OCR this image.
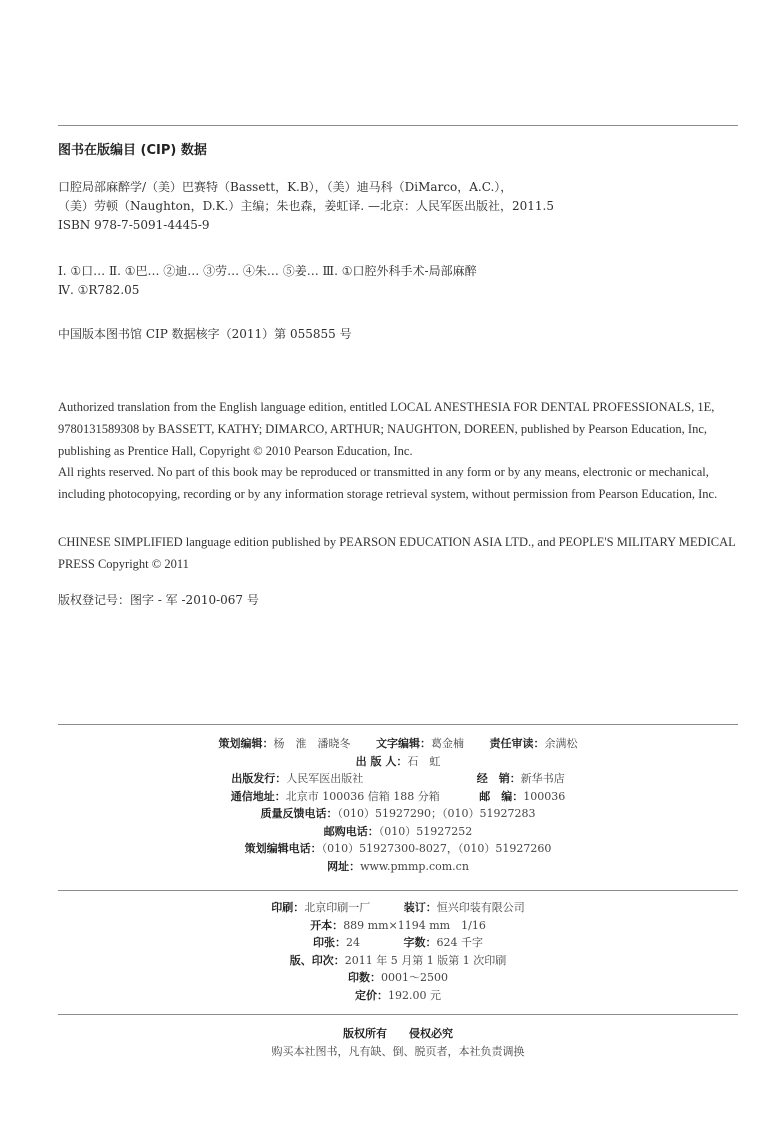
图书在版编目 (CIP) 数据
口腔局部麻醉学/（美）巴赛特（Bassett，K.B），（美）迪马科（DiMarco，A.C.），
（美）劳顿（Naughton，D.K.）主编；朱也森，姜虹译. —北京：人民军医出版社，2011.5
ISBN 978-7-5091-4445-9
Ⅰ. ①口… Ⅱ. ①巴… ②迪… ③劳… ④朱… ⑤姜… Ⅲ. ①口腔外科手术-局部麻醉
Ⅳ. ①R782.05
中国版本图书馆 CIP 数据核字（2011）第 055855 号
Authorized translation from the English language edition, entitled LOCAL ANESTHESIA FOR DENTAL PROFESSIONALS, 1E, 9780131589308 by BASSETT, KATHY; DIMARCO, ARTHUR; NAUGHTON, DOREEN, published by Pearson Education, Inc, publishing as Prentice Hall, Copyright © 2010 Pearson Education, Inc.
All rights reserved. No part of this book may be reproduced or transmitted in any form or by any means, electronic or mechanical, including photocopying, recording or by any information storage retrieval system, without permission from Pearson Education, Inc.
CHINESE SIMPLIFIED language edition published by PEARSON EDUCATION ASIA LTD., and PEOPLE'S MILITARY MEDICAL PRESS Copyright © 2011
版权登记号：图字 - 军 -2010-067 号
策划编辑：杨　淮　潘晓冬 文字编辑：葛金楠 责任审读：余满松
出 版 人：石　虹
出版发行：人民军医出版社	经　销：新华书店
通信地址：北京市 100036 信箱 188 分箱	邮　编：100036
质量反馈电话：（010）51927290；（010）51927283
邮购电话：（010）51927252
策划编辑电话：（010）51927300-8027，（010）51927260
网址：www.pmmp.com.cn
印刷：北京印刷一厂	装订：恒兴印装有限公司
开本：889 mm×1194 mm　1/16
印张：24	字数：624 千字
版、印次：2011 年 5 月第 1 版第 1 次印刷
印数：0001～2500
定价：192.00 元
版权所有　　侵权必究
购买本社图书，凡有缺、倒、脱页者，本社负责调换
